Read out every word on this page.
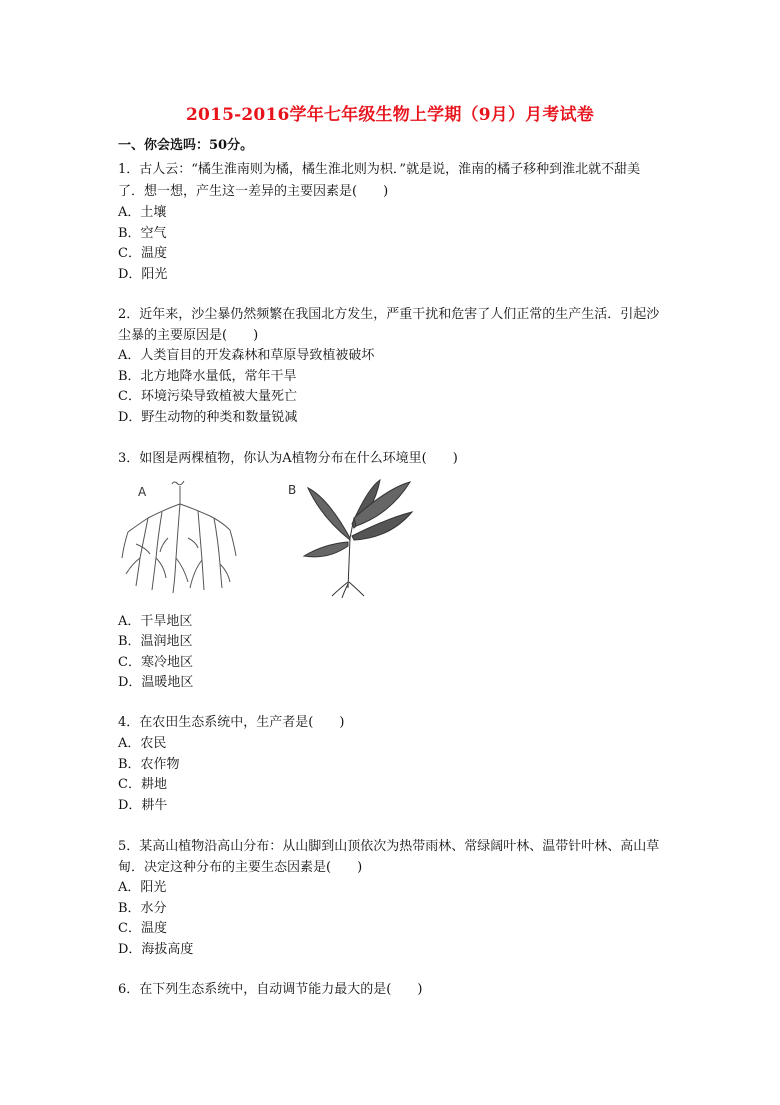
2015-2016学年七年级生物上学期（9月）月考试卷
一、你会选吗：50分。
1．古人云：“橘生淮南则为橘，橘生淮北则为枳．”就是说，淮南的橘子移种到淮北就不甜美
了．想一想，产生这一差异的主要因素是(　　)
A．土壤
B．空气
C．温度
D．阳光
2．近年来，沙尘暴仍然频繁在我国北方发生，严重干扰和危害了人们正常的生产生活．引起沙
尘暴的主要原因是(　　)
A．人类盲目的开发森林和草原导致植被破坏
B．北方地降水量低，常年干旱
C．环境污染导致植被大量死亡
D．野生动物的种类和数量锐减
3．如图是两棵植物，你认为A植物分布在什么环境里(　　)
A	B
A．干旱地区
B．温润地区
C．寒冷地区
D．温暖地区
4．在农田生态系统中，生产者是(　　)
A．农民
B．农作物
C．耕地
D．耕牛
5．某高山植物沿高山分布：从山脚到山顶依次为热带雨林、常绿阔叶林、温带针叶林、高山草
甸．决定这种分布的主要生态因素是(　　)
A．阳光
B．水分
C．温度
D．海拔高度
6．在下列生态系统中，自动调节能力最大的是(　　)
